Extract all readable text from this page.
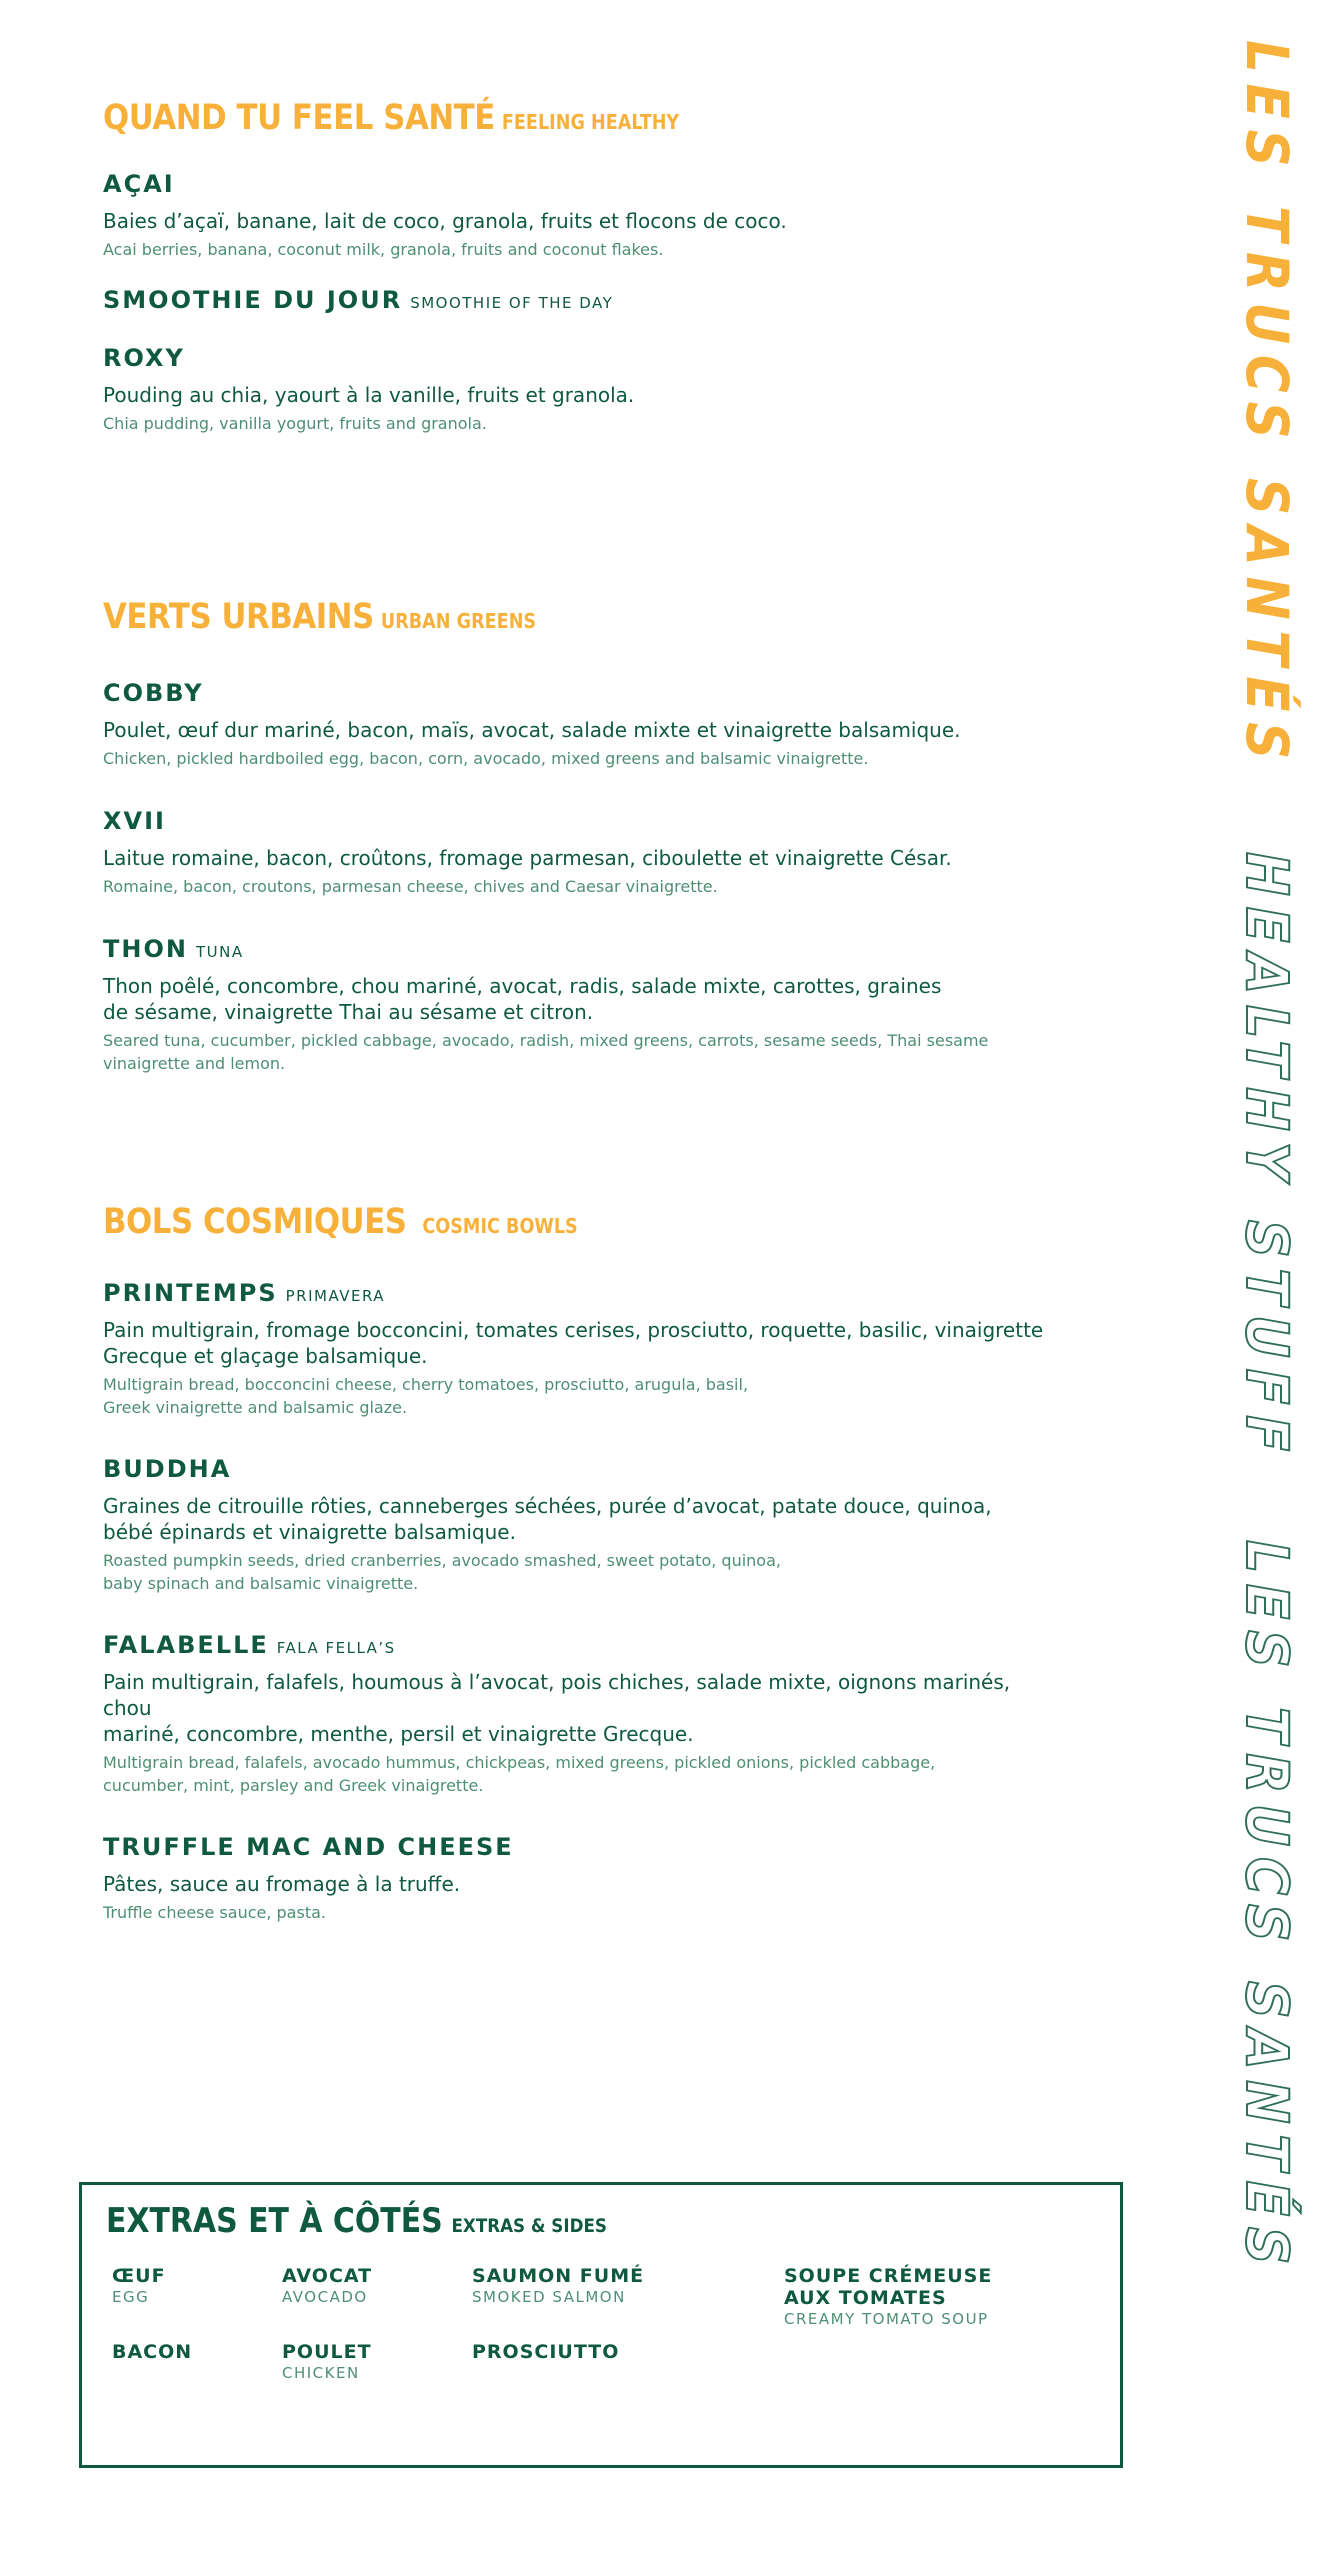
QUAND TU FEEL SANTÉ FEELING HEALTHY
AÇAI
Baies d’açaï, banane, lait de coco, granola, fruits et flocons de coco.
Acai berries, banana, coconut milk, granola, fruits and coconut flakes.
SMOOTHIE DU JOUR SMOOTHIE OF THE DAY
ROXY
Pouding au chia, yaourt à la vanille, fruits et granola.
Chia pudding, vanilla yogurt, fruits and granola.
VERTS URBAINS URBAN GREENS
COBBY
Poulet, œuf dur mariné, bacon, maïs, avocat, salade mixte et vinaigrette balsamique.
Chicken, pickled hardboiled egg, bacon, corn, avocado, mixed greens and balsamic vinaigrette.
XVII
Laitue romaine, bacon, croûtons, fromage parmesan, ciboulette et vinaigrette César.
Romaine, bacon, croutons, parmesan cheese, chives and Caesar vinaigrette.
THON TUNA
Thon poêlé, concombre, chou mariné, avocat, radis, salade mixte, carottes, graines
de sésame, vinaigrette Thai au sésame et citron.
Seared tuna, cucumber, pickled cabbage, avocado, radish, mixed greens, carrots, sesame seeds, Thai sesame
vinaigrette and lemon.
BOLS COSMIQUES COSMIC BOWLS
PRINTEMPS PRIMAVERA
Pain multigrain, fromage bocconcini, tomates cerises, prosciutto, roquette, basilic, vinaigrette
Grecque et glaçage balsamique.
Multigrain bread, bocconcini cheese, cherry tomatoes, prosciutto, arugula, basil,
Greek vinaigrette and balsamic glaze.
BUDDHA
Graines de citrouille rôties, canneberges séchées, purée d’avocat, patate douce, quinoa,
bébé épinards et vinaigrette balsamique.
Roasted pumpkin seeds, dried cranberries, avocado smashed, sweet potato, quinoa,
baby spinach and balsamic vinaigrette.
FALABELLE FALA FELLA’S
Pain multigrain, falafels, houmous à l’avocat, pois chiches, salade mixte, oignons marinés, chou
mariné, concombre, menthe, persil et vinaigrette Grecque.
Multigrain bread, falafels, avocado hummus, chickpeas, mixed greens, pickled onions, pickled cabbage,
cucumber, mint, parsley and Greek vinaigrette.
TRUFFLE MAC AND CHEESE
Pâtes, sauce au fromage à la truffe.
Truffle cheese sauce, pasta.
EXTRAS ET À CÔTÉS EXTRAS & SIDES
ŒUF
EGG
AVOCAT
AVOCADO
SAUMON FUMÉ
SMOKED SALMON
SOUPE CRÉMEUSE
AUX TOMATES
CREAMY TOMATO SOUP
BACON	POULET
CHICKEN
PROSCIUTTO
LES TRUCS SANTÉS
HEALTHY STUFF
LES TRUCS SANTÉS
